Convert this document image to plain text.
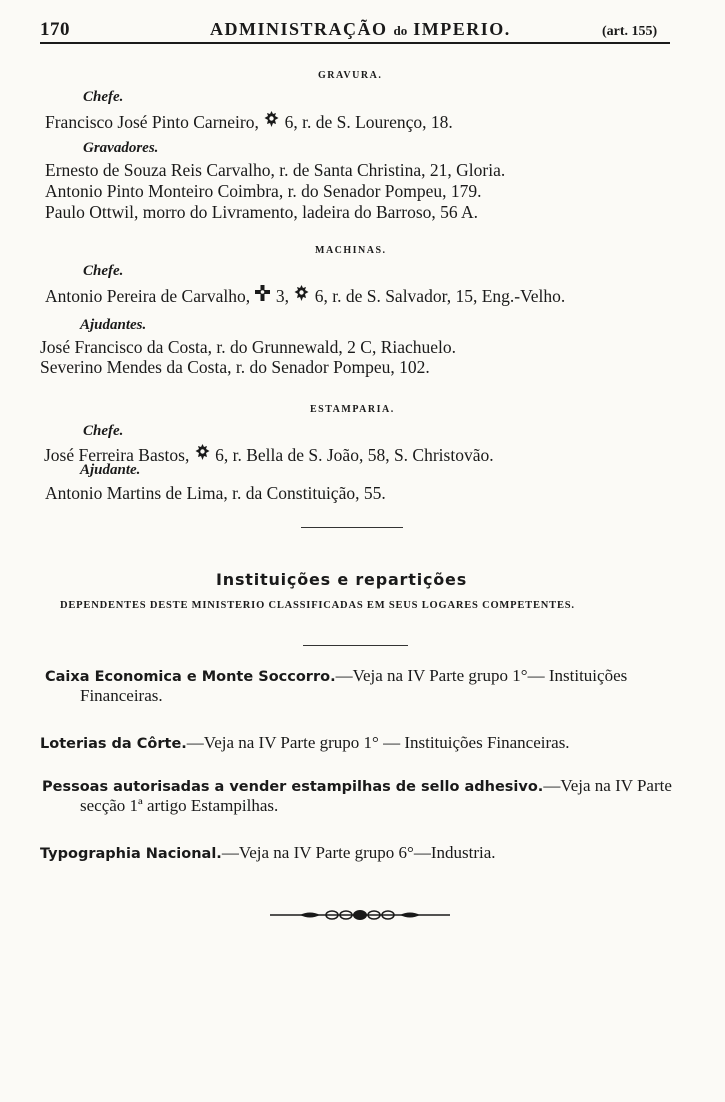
170	ADMINISTRAÇÃO do IMPERIO.	(art. 155)
GRAVURA.
Chefe.
Francisco José Pinto Carneiro, 6, r. de S. Lourenço, 18.
Gravadores.
Ernesto de Souza Reis Carvalho, r. de Santa Christina, 21, Gloria.
Antonio Pinto Monteiro Coimbra, r. do Senador Pompeu, 179.
Paulo Ottwil, morro do Livramento, ladeira do Barroso, 56 A.
MACHINAS.
Chefe.
Antonio Pereira de Carvalho, 3, 6, r. de S. Salvador, 15, Eng.-Velho.
Ajudantes.
José Francisco da Costa, r. do Grunnewald, 2 C, Riachuelo.
Severino Mendes da Costa, r. do Senador Pompeu, 102.
ESTAMPARIA.
Chefe.
José Ferreira Bastos, 6, r. Bella de S. João, 58, S. Christovão.
Ajudante.
Antonio Martins de Lima, r. da Constituição, 55.
Instituições e repartições
DEPENDENTES DESTE MINISTERIO CLASSIFICADAS EM SEUS LOGARES COMPETENTES.
Caixa Economica e Monte Soccorro.—Veja na IV Parte grupo 1°— Instituições
Financeiras.
Loterias da Côrte.—Veja na IV Parte grupo 1° — Instituições Financeiras.
Pessoas autorisadas a vender estampilhas de sello adhesivo.—Veja na IV Parte
secção 1ª artigo Estampilhas.
Typographia Nacional.—Veja na IV Parte grupo 6°—Industria.
